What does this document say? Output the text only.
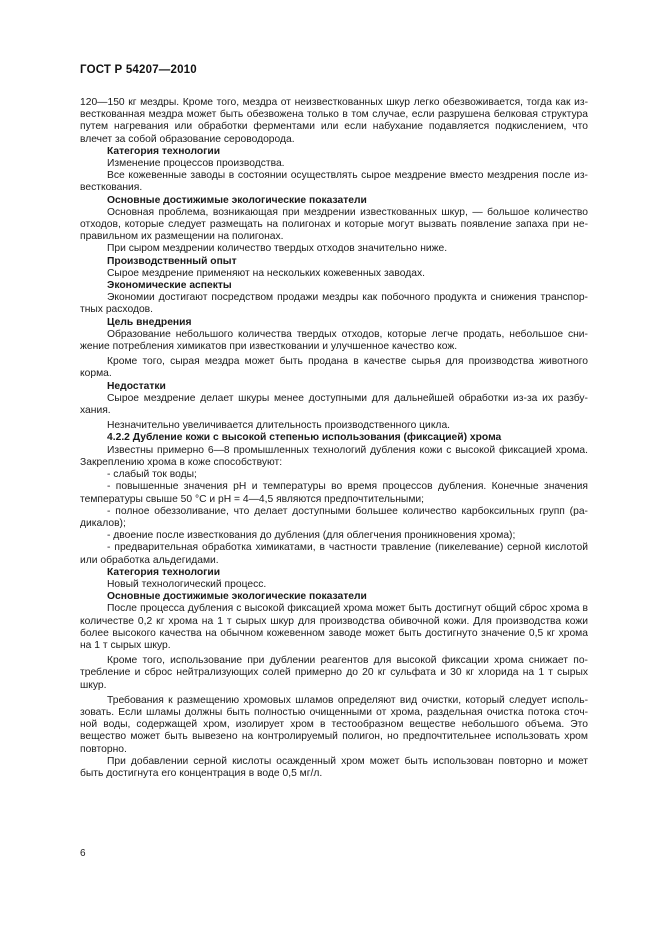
ГОСТ Р 54207—2010

120—150 кг мездры. Кроме того, мездра от неизвесткованных шкур легко обезвоживается, тогда как из-весткованная мездра может быть обезвожена только в том случае, если разрушена белковая структура путем нагревания или обработки ферментами или если набухание подавляется подкислением, что влечет за собой образование сероводорода.

Категория технологии

Изменение процессов производства.

Все кожевенные заводы в состоянии осуществлять сырое мездрение вместо мездрения после из-весткования.

Основные достижимые экологические показатели

Основная проблема, возникающая при мездрении известкованных шкур, — большое количество отходов, которые следует размещать на полигонах и которые могут вызвать появление запаха при не-правильном их размещении на полигонах.

При сыром мездрении количество твердых отходов значительно ниже.

Производственный опыт

Сырое мездрение применяют на нескольких кожевенных заводах.

Экономические аспекты

Экономии достигают посредством продажи мездры как побочного продукта и снижения транспор-тных расходов.

Цель внедрения

Образование небольшого количества твердых отходов, которые легче продать, небольшое сни-жение потребления химикатов при известковании и улучшенное качество кож.

Кроме того, сырая мездра может быть продана в качестве сырья для производства животного корма.

Недостатки

Сырое мездрение делает шкуры менее доступными для дальнейшей обработки из-за их разбу-хания.

Незначительно увеличивается длительность производственного цикла.

4.2.2 Дубление кожи с высокой степенью использования (фиксацией) хрома

Известны примерно 6—8 промышленных технологий дубления кожи с высокой фиксацией хрома. Закреплению хрома в коже способствуют:

- слабый ток воды;

- повышенные значения рН и температуры во время процессов дубления. Конечные значения температуры свыше 50 °С и рН = 4—4,5 являются предпочтительными;

- полное обеззоливание, что делает доступными большее количество карбоксильных групп (ра-дикалов);

- двоение после известкования до дубления (для облегчения проникновения хрома);

- предварительная обработка химикатами, в частности травление (пикелевание) серной кислотой или обработка альдегидами.

Категория технологии

Новый технологический процесс.

Основные достижимые экологические показатели

После процесса дубления с высокой фиксацией хрома может быть достигнут общий сброс хрома в количестве 0,2 кг хрома на 1 т сырых шкур для производства обивочной кожи. Для производства кожи более высокого качества на обычном кожевенном заводе может быть достигнуто значение 0,5 кг хрома на 1 т сырых шкур.

Кроме того, использование при дублении реагентов для высокой фиксации хрома снижает по-требление и сброс нейтрализующих солей примерно до 20 кг сульфата и 30 кг хлорида на 1 т сырых шкур.

Требования к размещению хромовых шламов определяют вид очистки, который следует исполь-зовать. Если шламы должны быть полностью очищенными от хрома, раздельная очистка потока сточ-ной воды, содержащей хром, изолирует хром в тестообразном веществе небольшого объема. Это вещество может быть вывезено на контролируемый полигон, но предпочтительнее использовать хром повторно.

При добавлении серной кислоты осажденный хром может быть использован повторно и может быть достигнута его концентрация в воде 0,5 мг/л.

6
